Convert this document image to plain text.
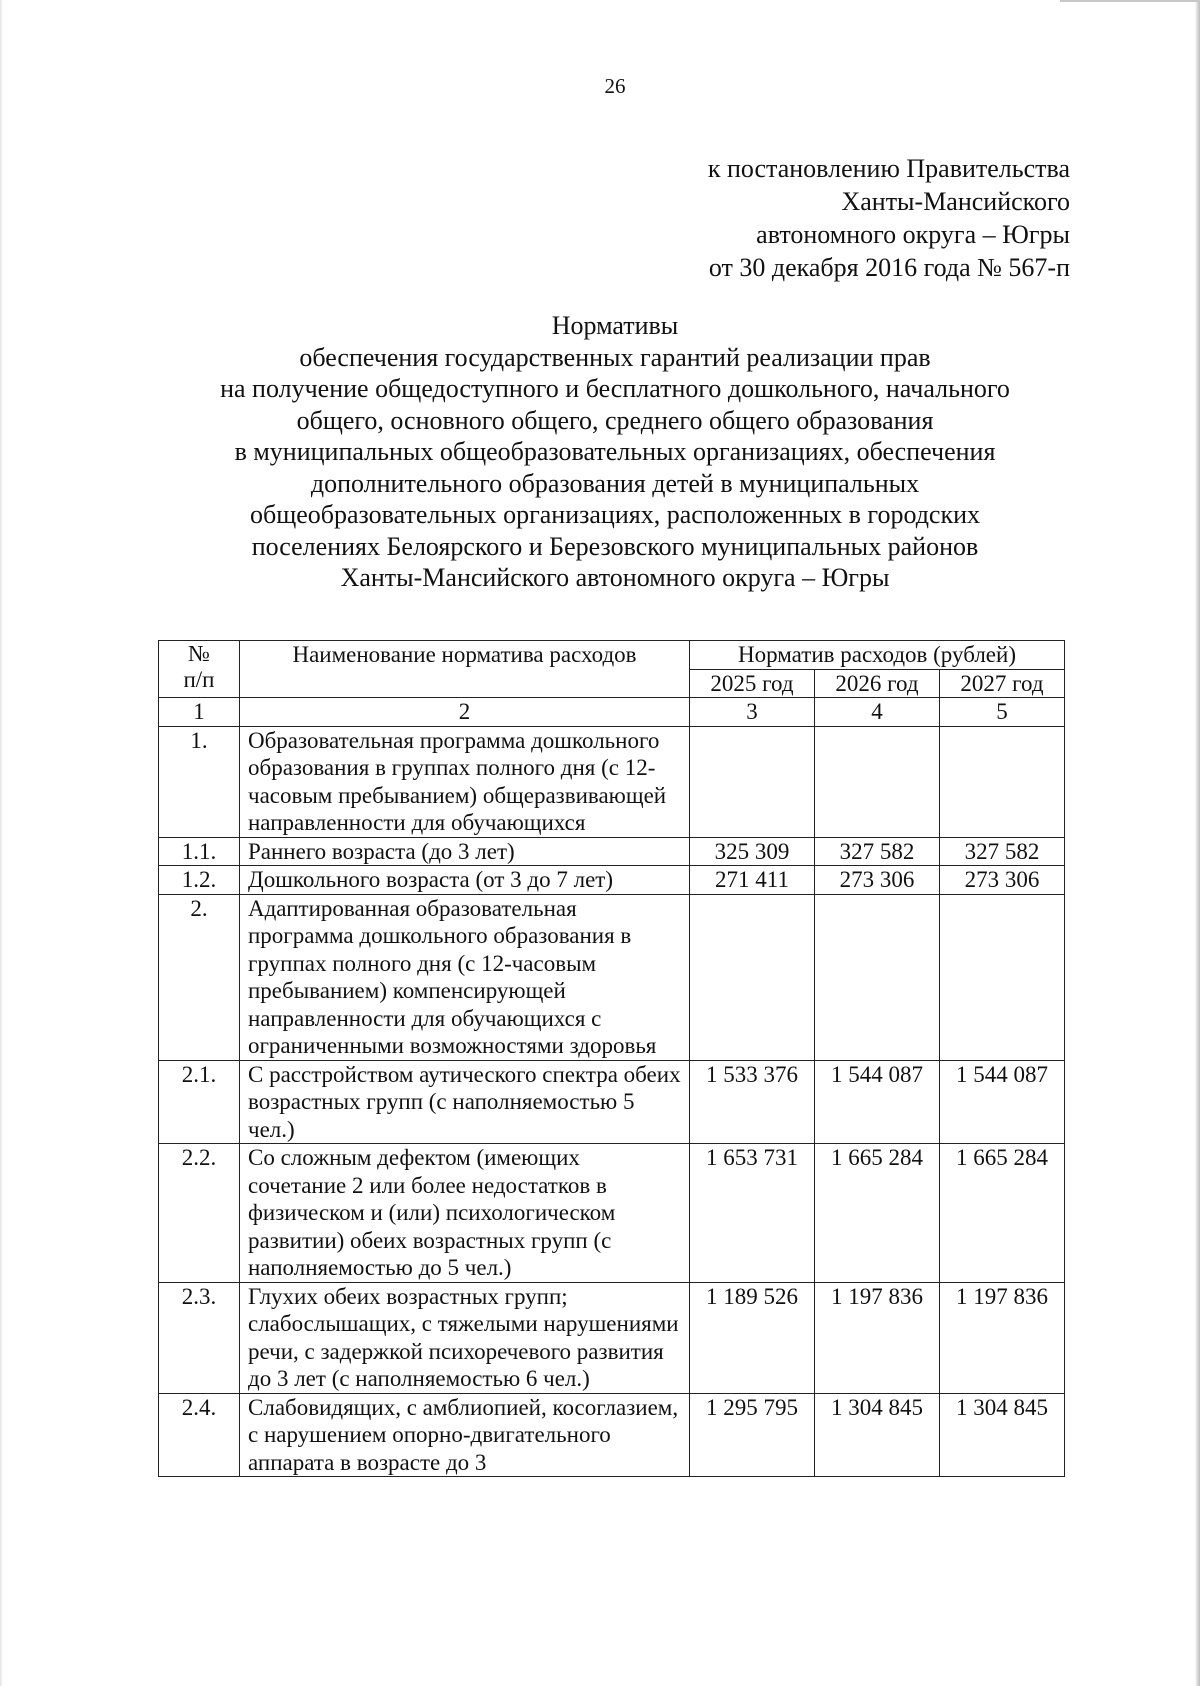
26
к постановлению Правительства
Ханты-Мансийского
автономного округа – Югры
от 30 декабря 2016 года № 567-п
Нормативы
обеспечения государственных гарантий реализации прав
на получение общедоступного и бесплатного дошкольного, начального
общего, основного общего, среднего общего образования
в муниципальных общеобразовательных организациях, обеспечения
дополнительного образования детей в муниципальных
общеобразовательных организациях, расположенных в городских
поселениях Белоярского и Березовского муниципальных районов
Ханты-Мансийского автономного округа – Югры
№
п/п	Наименование норматива расходов	Норматив расходов (рублей)		
		2025 год	2026 год	2027 год
1	2	3	4	5
1.	Образовательная программа дошкольного образования в группах полного дня (с 12-часовым пребыванием) общеразвивающей направленности для обучающихся			
1.1.	Раннего возраста (до 3 лет)	325 309	327 582	327 582
1.2.	Дошкольного возраста (от 3 до 7 лет)	271 411	273 306	273 306
2.	Адаптированная образовательная программа дошкольного образования в группах полного дня (с 12-часовым пребыванием) компенсирующей направленности для обучающихся с ограниченными возможностями здоровья			
2.1.	С расстройством аутического спектра обеих возрастных групп (с наполняемостью 5 чел.)	1 533 376	1 544 087	1 544 087
2.2.	Со сложным дефектом (имеющих сочетание 2 или более недостатков в физическом и (или) психологическом развитии) обеих возрастных групп (с наполняемостью до 5 чел.)	1 653 731	1 665 284	1 665 284
2.3.	Глухих обеих возрастных групп; слабослышащих, с тяжелыми нарушениями речи, с задержкой психоречевого развития до 3 лет (с наполняемостью 6 чел.)	1 189 526	1 197 836	1 197 836
2.4.	Слабовидящих, с амблиопией, косоглазием, с нарушением опорно-двигательного аппарата в возрасте до 3	1 295 795	1 304 845	1 304 845
